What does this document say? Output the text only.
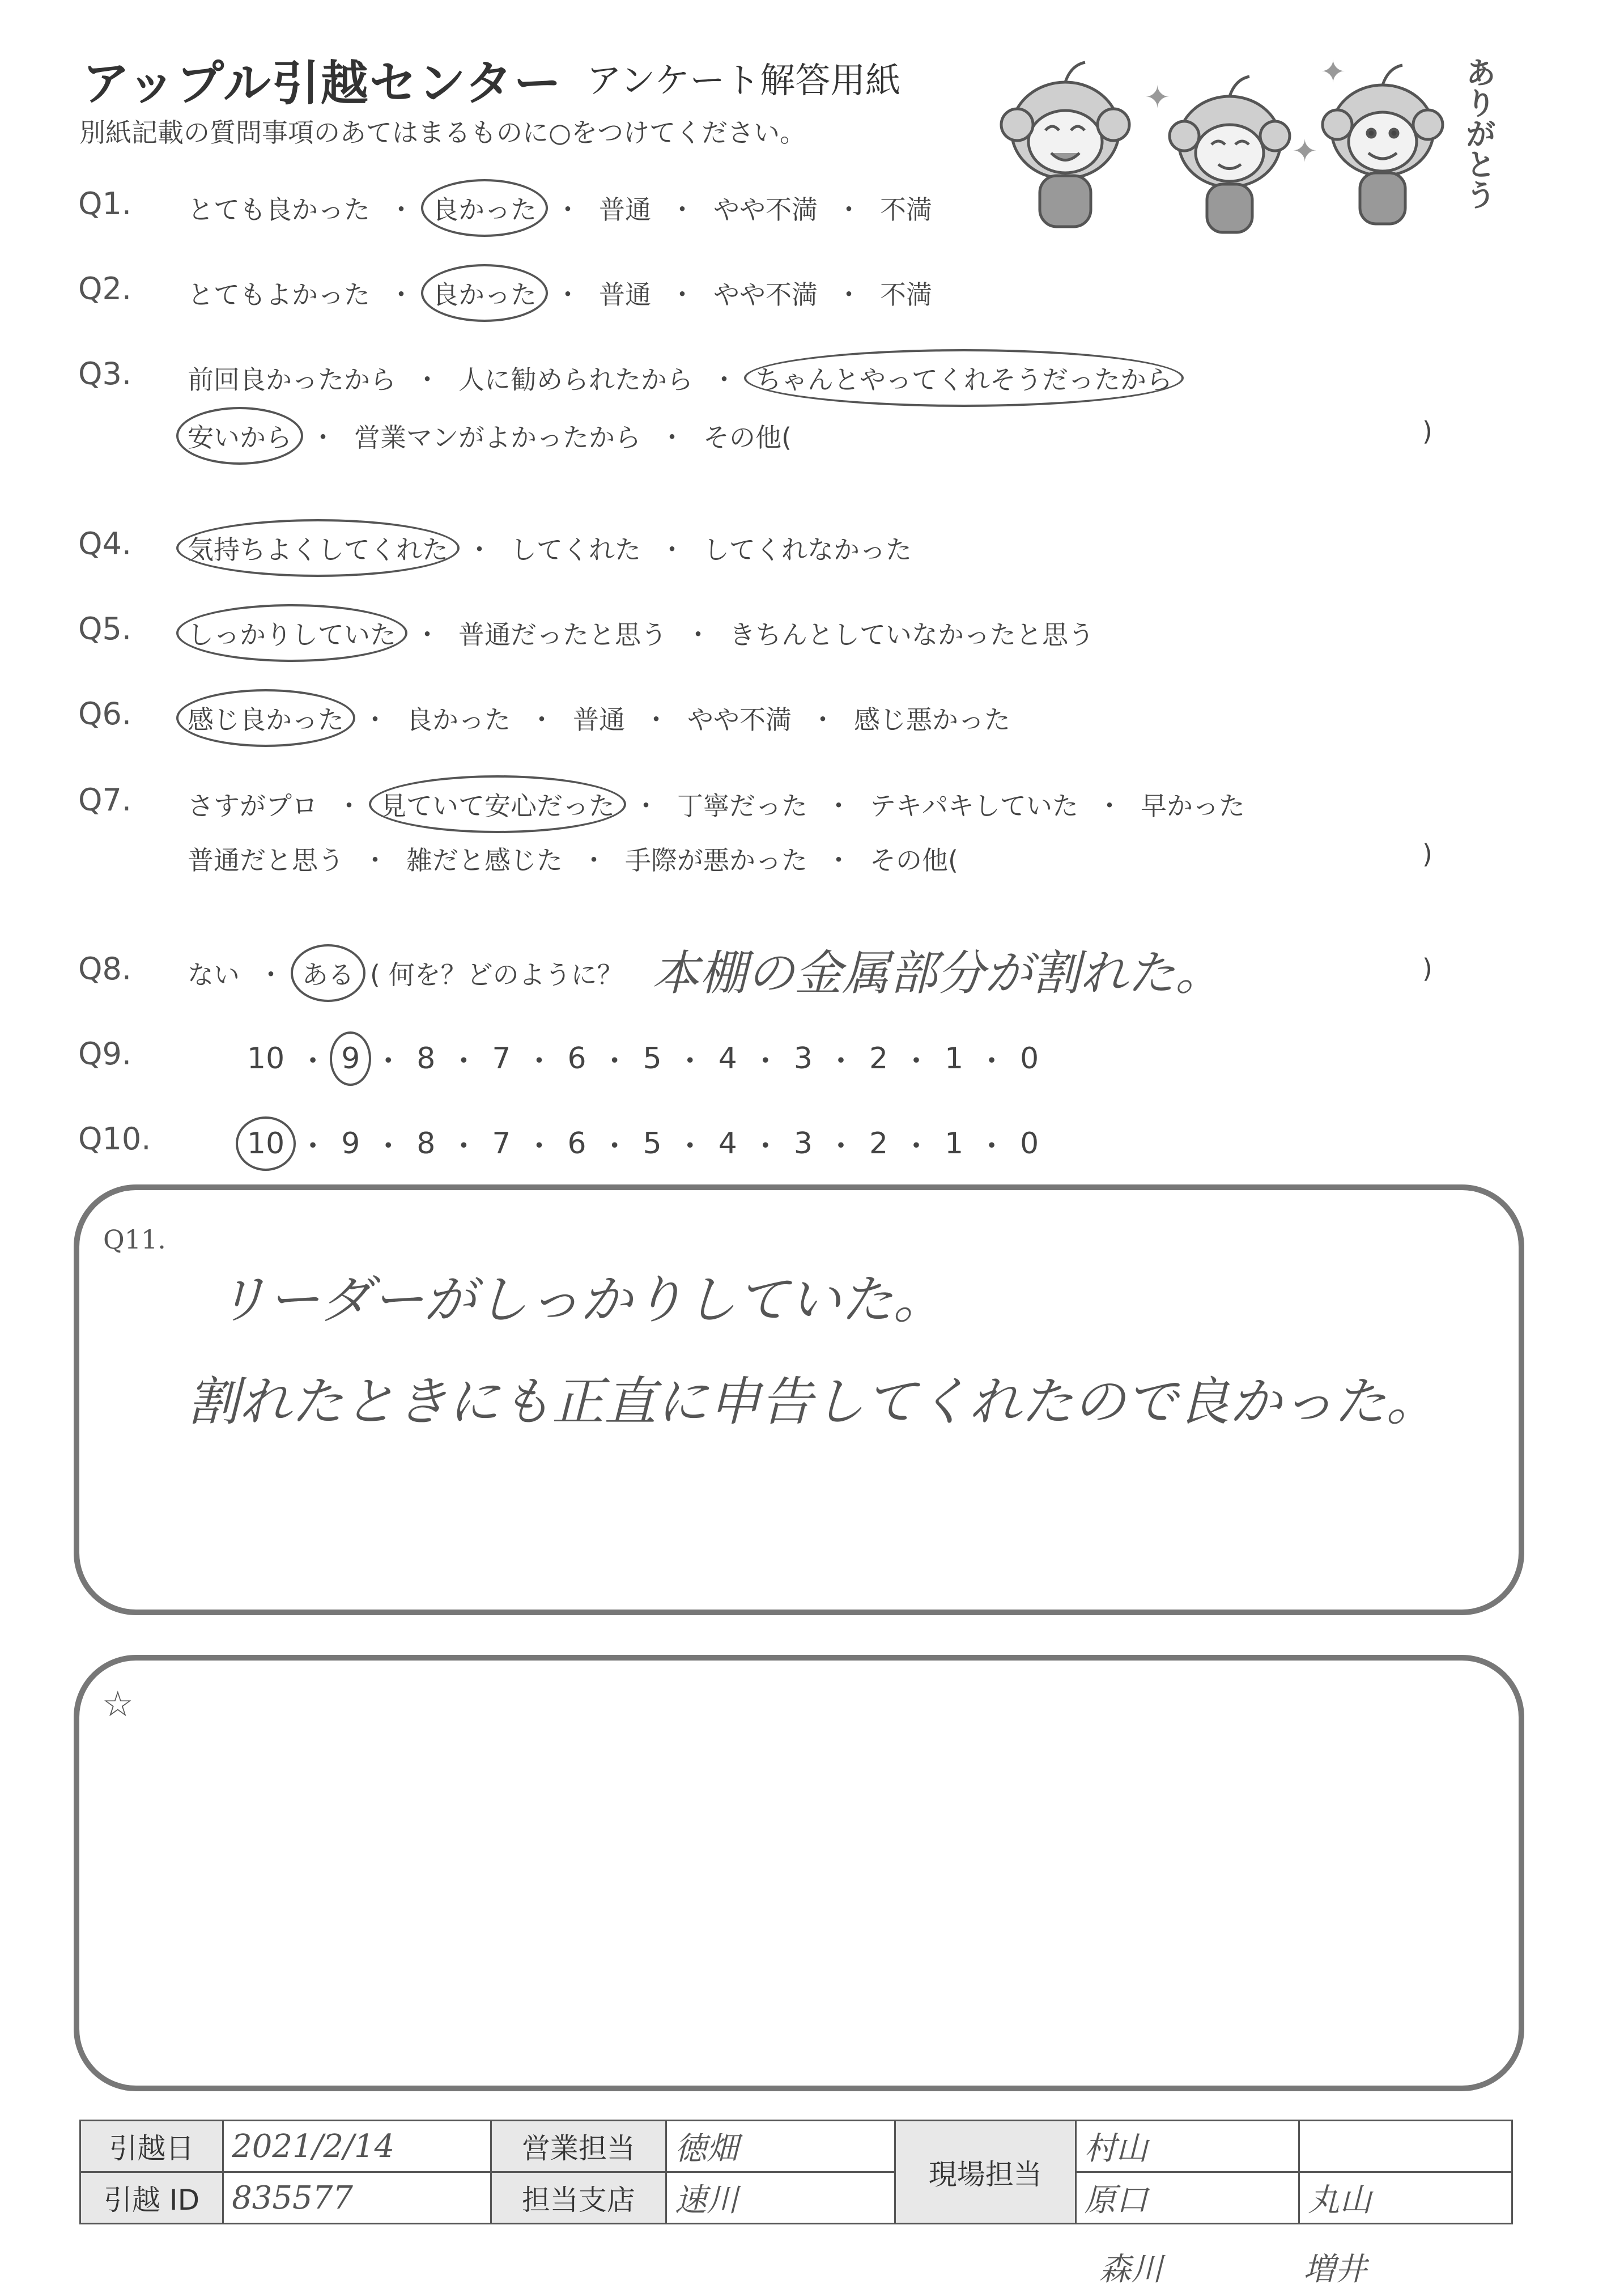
アップル引越センター アンケート解答用紙
別紙記載の質問事項のあてはまるものに○をつけてください。
✦
✦
✦	ありがとう
Q1. とても良かった ・ 良かった ・ 普通 ・ やや不満 ・ 不満
Q2. とてもよかった ・ 良かった ・ 普通 ・ やや不満 ・ 不満
Q3. 前回良かったから ・ 人に勧められたから ・ ちゃんとやってくれそうだったから
安いから ・ 営業マンがよかったから ・ その他(	)
Q4. 気持ちよくしてくれた ・ してくれた ・ してくれなかった
Q5. しっかりしていた ・ 普通だったと思う ・ きちんとしていなかったと思う
Q6. 感じ良かった ・ 良かった ・ 普通 ・ やや不満 ・ 感じ悪かった
Q7. さすがプロ ・ 見ていて安心だった ・ 丁寧だった ・ テキパキしていた ・ 早かった
普通だと思う ・ 雑だと感じた ・ 手際が悪かった ・ その他(	)
Q8. ない ・ ある ( 何を？どのように？ 本棚の金属部分が割れた。	)
Q9.	10 ・ 9 ・ 8 ・ 7 ・ 6 ・ 5 ・ 4 ・ 3 ・ 2 ・ 1 ・ 0
Q10.	10 ・ 9 ・ 8 ・ 7 ・ 6 ・ 5 ・ 4 ・ 3 ・ 2 ・ 1 ・ 0
Q11.
リーダーがしっかりしていた。
割れたときにも正直に申告してくれたので良かった。
☆
引越日	2021/2/14	営業担当	徳畑	現場担当	村山	
引越 ID	835577	担当支店	速川		原口	丸山
森川	増井
